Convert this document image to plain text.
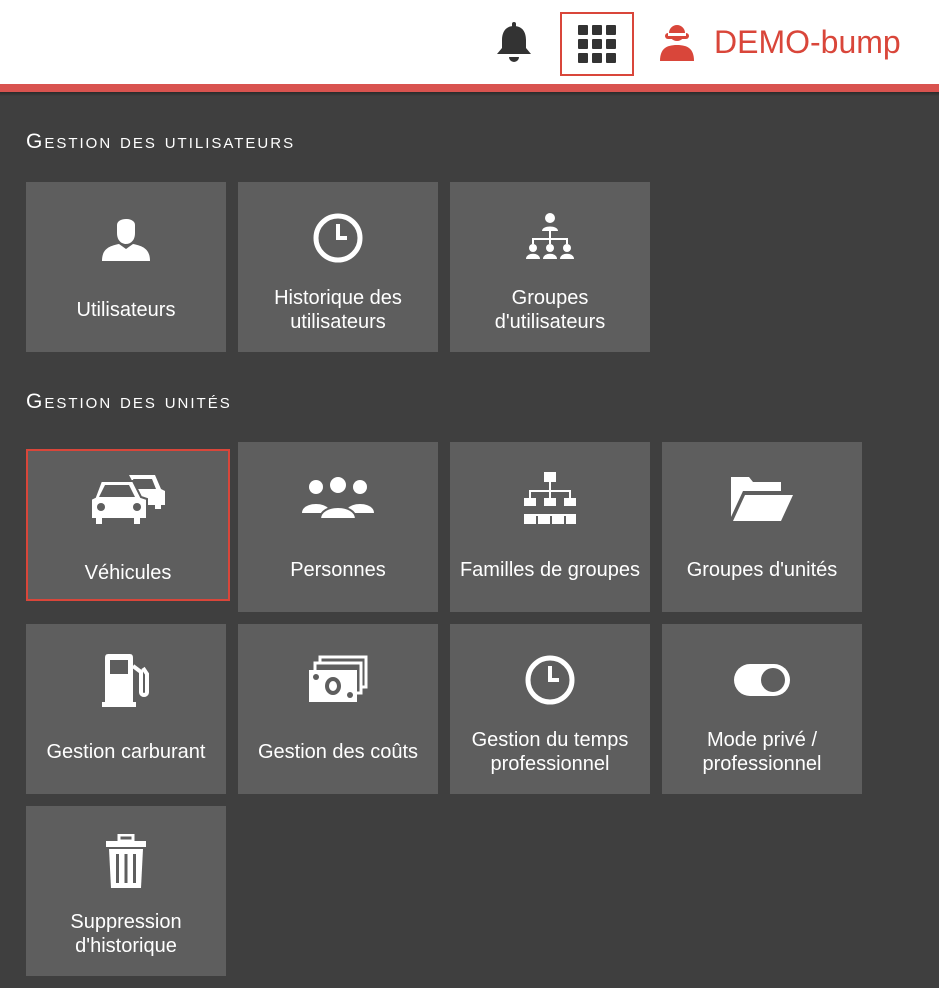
DEMO-bump
Gestion des utilisateurs
Utilisateurs
Historique des utilisateurs
Groupes d'utilisateurs
Gestion des unités
Véhicules	Personnes	Familles de groupes	Groupes d'unités
Gestion carburant	Gestion des coûts
Gestion du temps professionnel
Mode privé / professionnel
Suppression d'historique
